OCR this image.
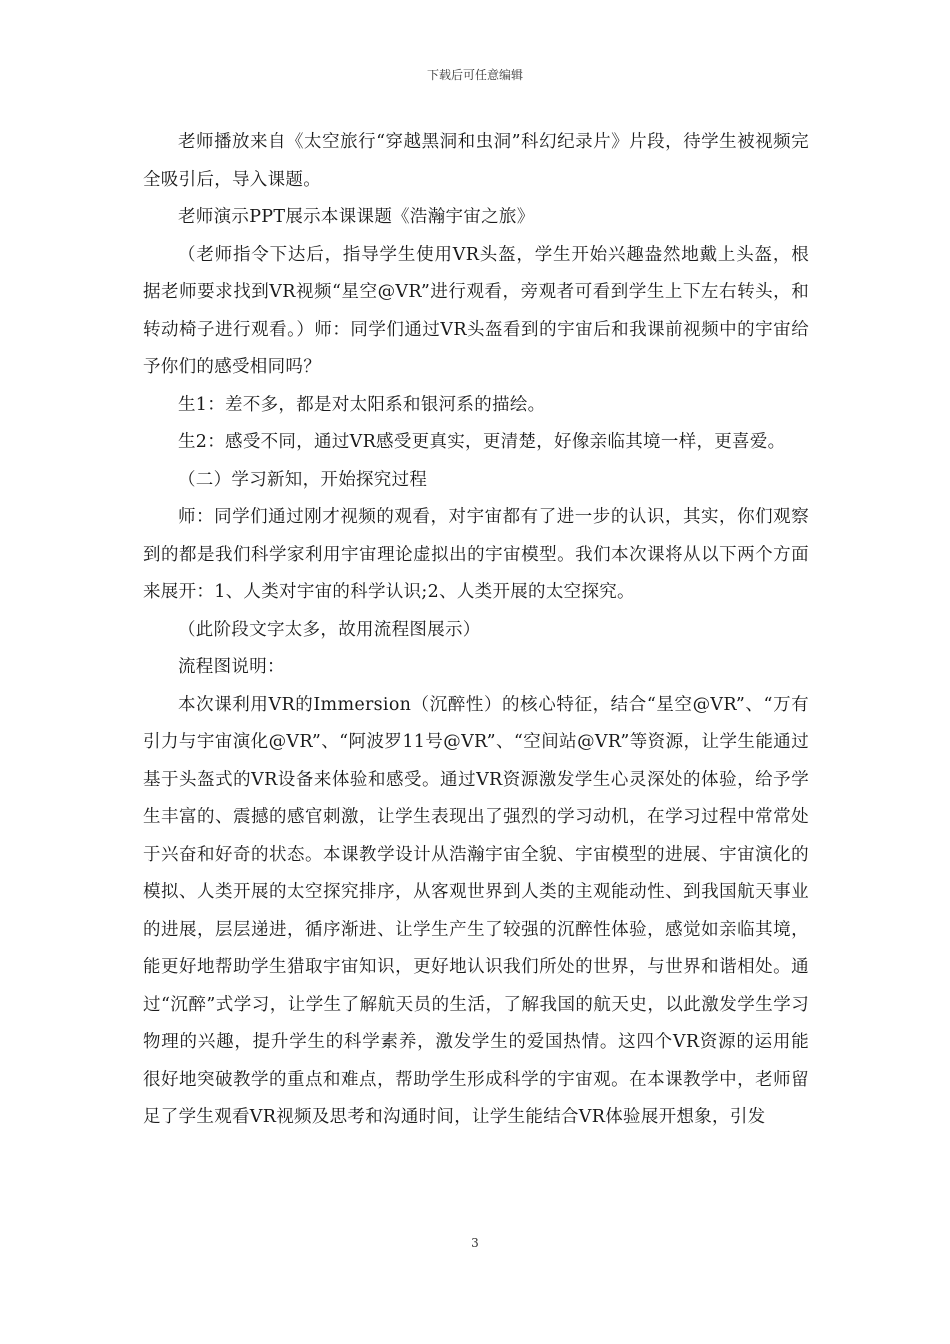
下载后可任意编辑

老师播放来自《太空旅行“穿越黑洞和虫洞”科幻纪录片》片段，待学生被视频完全吸引后，导入课题。

老师演示PPT展示本课课题《浩瀚宇宙之旅》

（老师指令下达后，指导学生使用VR头盔，学生开始兴趣盎然地戴上头盔，根据老师要求找到VR视频“星空@VR”进行观看，旁观者可看到学生上下左右转头，和转动椅子进行观看。）师：同学们通过VR头盔看到的宇宙后和我课前视频中的宇宙给予你们的感受相同吗？

生1：差不多，都是对太阳系和银河系的描绘。

生2：感受不同，通过VR感受更真实，更清楚，好像亲临其境一样，更喜爱。

（二）学习新知，开始探究过程

师：同学们通过刚才视频的观看，对宇宙都有了进一步的认识，其实，你们观察到的都是我们科学家利用宇宙理论虚拟出的宇宙模型。我们本次课将从以下两个方面来展开：1、人类对宇宙的科学认识;2、人类开展的太空探究。

（此阶段文字太多，故用流程图展示）

流程图说明：

本次课利用VR的Immersion（沉醉性）的核心特征，结合“星空@VR”、“万有引力与宇宙演化@VR”、“阿波罗11号@VR”、“空间站@VR”等资源，让学生能通过基于头盔式的VR设备来体验和感受。通过VR资源激发学生心灵深处的体验，给予学生丰富的、震撼的感官刺激，让学生表现出了强烈的学习动机，在学习过程中常常处于兴奋和好奇的状态。本课教学设计从浩瀚宇宙全貌、宇宙模型的进展、宇宙演化的模拟、人类开展的太空探究排序，从客观世界到人类的主观能动性、到我国航天事业的进展，层层递进，循序渐进、让学生产生了较强的沉醉性体验，感觉如亲临其境，能更好地帮助学生猎取宇宙知识，更好地认识我们所处的世界，与世界和谐相处。通过“沉醉”式学习，让学生了解航天员的生活，了解我国的航天史，以此激发学生学习物理的兴趣，提升学生的科学素养，激发学生的爱国热情。这四个VR资源的运用能很好地突破教学的重点和难点，帮助学生形成科学的宇宙观。在本课教学中，老师留足了学生观看VR视频及思考和沟通时间，让学生能结合VR体验展开想象，引发

3
